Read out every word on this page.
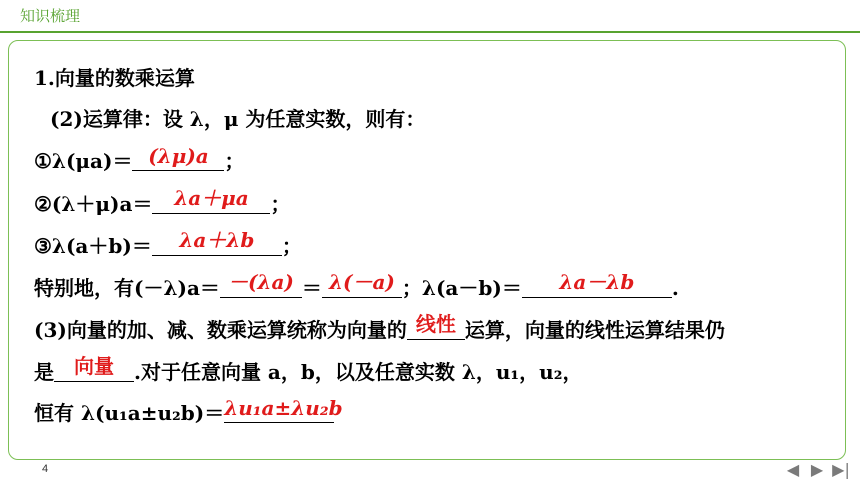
知识梳理
1.向量的数乘运算
(2)运算律：设 λ，μ 为任意实数，则有：
①λ(μa)＝ (λμ)a ；
②(λ＋μ)a＝	λa＋μa	；
③λ(a＋b)＝	λa＋λb	；
特别地，有(－λ)a＝ －(λa) ＝ λ(－a) ；λ(a－b)＝	λa－λb	.
(3)向量的加、减、数乘运算统称为向量的 线性 运算，向量的线性运算结果仍
是	向量	.对于任意向量 a，b，以及任意实数 λ，u₁，u₂，
恒有 λ(u₁a±u₂b)＝ λu₁a±λu₂b
4	◀ ▶ ▶|
